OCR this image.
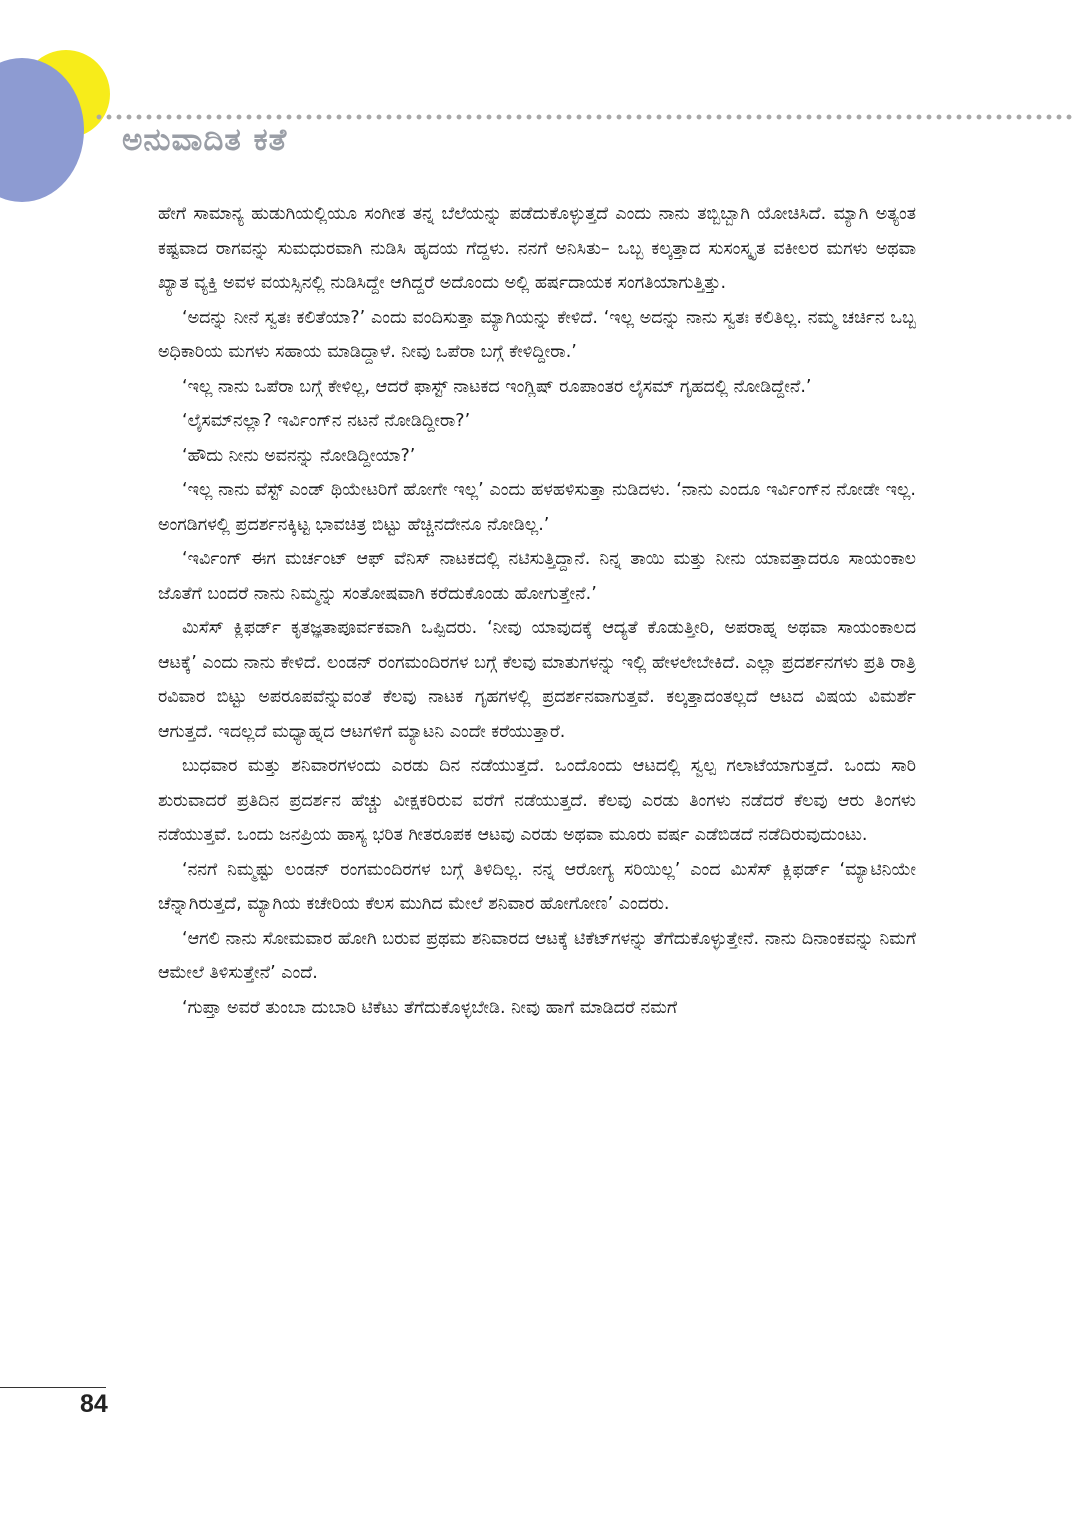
ಅನುವಾದಿತ ಕತೆ

ಹೇಗೆ ಸಾಮಾನ್ಯ ಹುಡುಗಿಯಲ್ಲಿಯೂ ಸಂಗೀತ ತನ್ನ ಬೆಲೆಯನ್ನು ಪಡೆದುಕೊಳ್ಳುತ್ತದೆ ಎಂದು ನಾನು ತಬ್ಬಿಬ್ಬಾಗಿ ಯೋಚಿಸಿದೆ. ಮ್ಯಾಗಿ ಅತ್ಯಂತ ಕಷ್ಟವಾದ ರಾಗವನ್ನು ಸುಮಧುರವಾಗಿ ನುಡಿಸಿ ಹೃದಯ ಗೆದ್ದಳು. ನನಗೆ ಅನಿಸಿತು– ಒಬ್ಬ ಕಲ್ಕತ್ತಾದ ಸುಸಂಸ್ಕೃತ ವಕೀಲರ ಮಗಳು ಅಥವಾ ಖ್ಯಾತ ವ್ಯಕ್ತಿ ಅವಳ ವಯಸ್ಸಿನಲ್ಲಿ ನುಡಿಸಿದ್ದೇ ಆಗಿದ್ದರೆ ಅದೊಂದು ಅಲ್ಲಿ ಹರ್ಷದಾಯಕ ಸಂಗತಿಯಾಗುತ್ತಿತ್ತು.

‘ಅದನ್ನು ನೀನೆ ಸ್ವತಃ ಕಲಿತೆಯಾ?’ ಎಂದು ವಂದಿಸುತ್ತಾ ಮ್ಯಾಗಿಯನ್ನು ಕೇಳಿದೆ. ‘ಇಲ್ಲ ಅದನ್ನು ನಾನು ಸ್ವತಃ ಕಲಿತಿಲ್ಲ. ನಮ್ಮ ಚರ್ಚಿನ ಒಬ್ಬ ಅಧಿಕಾರಿಯ ಮಗಳು ಸಹಾಯ ಮಾಡಿದ್ದಾಳೆ. ನೀವು ಒಪೆರಾ ಬಗ್ಗೆ ಕೇಳಿದ್ದೀರಾ.’

‘ಇಲ್ಲ ನಾನು ಒಪೆರಾ ಬಗ್ಗೆ ಕೇಳಿಲ್ಲ, ಆದರೆ ಫಾಸ್ಟ್ ನಾಟಕದ ಇಂಗ್ಲಿಷ್ ರೂಪಾಂತರ ಲೈಸಮ್ ಗೃಹದಲ್ಲಿ ನೋಡಿದ್ದೇನೆ.’

‘ಲೈಸಮ್‌ನಲ್ಲಾ? ಇರ್ವಿಂಗ್‌ನ ನಟನೆ ನೋಡಿದ್ದೀರಾ?’

‘ಹೌದು ನೀನು ಅವನನ್ನು ನೋಡಿದ್ದೀಯಾ?’

‘ಇಲ್ಲ ನಾನು ವೆಸ್ಟ್ ಎಂಡ್ ಥಿಯೇಟರಿಗೆ ಹೋಗೇ ಇಲ್ಲ’ ಎಂದು ಹಳಹಳಿಸುತ್ತಾ ನುಡಿದಳು. ‘ನಾನು ಎಂದೂ ಇರ್ವಿಂಗ್‌ನ ನೋಡೇ ಇಲ್ಲ. ಅಂಗಡಿಗಳಲ್ಲಿ ಪ್ರದರ್ಶನಕ್ಕಿಟ್ಟ ಭಾವಚಿತ್ರ ಬಿಟ್ಟು ಹೆಚ್ಚಿನದೇನೂ ನೋಡಿಲ್ಲ.’

‘ಇರ್ವಿಂಗ್ ಈಗ ಮರ್ಚಂಟ್ ಆಫ್ ವೆನಿಸ್ ನಾಟಕದಲ್ಲಿ ನಟಿಸುತ್ತಿದ್ದಾನೆ. ನಿನ್ನ ತಾಯಿ ಮತ್ತು ನೀನು ಯಾವತ್ತಾದರೂ ಸಾಯಂಕಾಲ ಜೊತೆಗೆ ಬಂದರೆ ನಾನು ನಿಮ್ಮನ್ನು ಸಂತೋಷವಾಗಿ ಕರೆದುಕೊಂಡು ಹೋಗುತ್ತೇನೆ.’

ಮಿಸೆಸ್ ಕ್ಲಿಫರ್ಡ್ ಕೃತಜ್ಞತಾಪೂರ್ವಕವಾಗಿ ಒಪ್ಪಿದರು. ‘ನೀವು ಯಾವುದಕ್ಕೆ ಆದ್ಯತೆ ಕೊಡುತ್ತೀರಿ, ಅಪರಾಹ್ನ ಅಥವಾ ಸಾಯಂಕಾಲದ ಆಟಕ್ಕೆ’ ಎಂದು ನಾನು ಕೇಳಿದೆ. ಲಂಡನ್ ರಂಗಮಂದಿರಗಳ ಬಗ್ಗೆ ಕೆಲವು ಮಾತುಗಳನ್ನು ಇಲ್ಲಿ ಹೇಳಲೇಬೇಕಿದೆ. ಎಲ್ಲಾ ಪ್ರದರ್ಶನಗಳು ಪ್ರತಿ ರಾತ್ರಿ ರವಿವಾರ ಬಿಟ್ಟು ಅಪರೂಪವೆನ್ನುವಂತೆ ಕೆಲವು ನಾಟಕ ಗೃಹಗಳಲ್ಲಿ ಪ್ರದರ್ಶನವಾಗುತ್ತವೆ. ಕಲ್ಕತ್ತಾದಂತಲ್ಲದೆ ಆಟದ ವಿಷಯ ವಿಮರ್ಶೆ ಆಗುತ್ತದೆ. ಇದಲ್ಲದೆ ಮಧ್ಯಾಹ್ನದ ಆಟಗಳಿಗೆ ಮ್ಯಾಟನಿ ಎಂದೇ ಕರೆಯುತ್ತಾರೆ.

ಬುಧವಾರ ಮತ್ತು ಶನಿವಾರಗಳಂದು ಎರಡು ದಿನ ನಡೆಯುತ್ತದೆ. ಒಂದೊಂದು ಆಟದಲ್ಲಿ ಸ್ವಲ್ಪ ಗಲಾಟೆಯಾಗುತ್ತದೆ. ಒಂದು ಸಾರಿ ಶುರುವಾದರೆ ಪ್ರತಿದಿನ ಪ್ರದರ್ಶನ ಹೆಚ್ಚು ವೀಕ್ಷಕರಿರುವ ವರೆಗೆ ನಡೆಯುತ್ತದೆ. ಕೆಲವು ಎರಡು ತಿಂಗಳು ನಡೆದರೆ ಕೆಲವು ಆರು ತಿಂಗಳು ನಡೆಯುತ್ತವೆ. ಒಂದು ಜನಪ್ರಿಯ ಹಾಸ್ಯ ಭರಿತ ಗೀತರೂಪಕ ಆಟವು ಎರಡು ಅಥವಾ ಮೂರು ವರ್ಷ ಎಡೆಬಿಡದೆ ನಡೆದಿರುವುದುಂಟು.

‘ನನಗೆ ನಿಮ್ಮಷ್ಟು ಲಂಡನ್ ರಂಗಮಂದಿರಗಳ ಬಗ್ಗೆ ತಿಳಿದಿಲ್ಲ. ನನ್ನ ಆರೋಗ್ಯ ಸರಿಯಿಲ್ಲ’ ಎಂದ ಮಿಸೆಸ್ ಕ್ಲಿಫರ್ಡ್ ‘ಮ್ಯಾಟಿನಿಯೇ ಚೆನ್ನಾಗಿರುತ್ತದೆ, ಮ್ಯಾಗಿಯ ಕಚೇರಿಯ ಕೆಲಸ ಮುಗಿದ ಮೇಲೆ ಶನಿವಾರ ಹೋಗೋಣ’ ಎಂದರು.

‘ಆಗಲಿ ನಾನು ಸೋಮವಾರ ಹೋಗಿ ಬರುವ ಪ್ರಥಮ ಶನಿವಾರದ ಆಟಕ್ಕೆ ಟಿಕೆಟ್‌ಗಳನ್ನು ತೆಗೆದುಕೊಳ್ಳುತ್ತೇನೆ. ನಾನು ದಿನಾಂಕವನ್ನು ನಿಮಗೆ ಆಮೇಲೆ ತಿಳಿಸುತ್ತೇನೆ’ ಎಂದೆ.

‘ಗುಪ್ತಾ ಅವರೆ ತುಂಬಾ ದುಬಾರಿ ಟಿಕೆಟು ತೆಗೆದುಕೊಳ್ಳಬೇಡಿ. ನೀವು ಹಾಗೆ ಮಾಡಿದರೆ ನಮಗೆ

84
